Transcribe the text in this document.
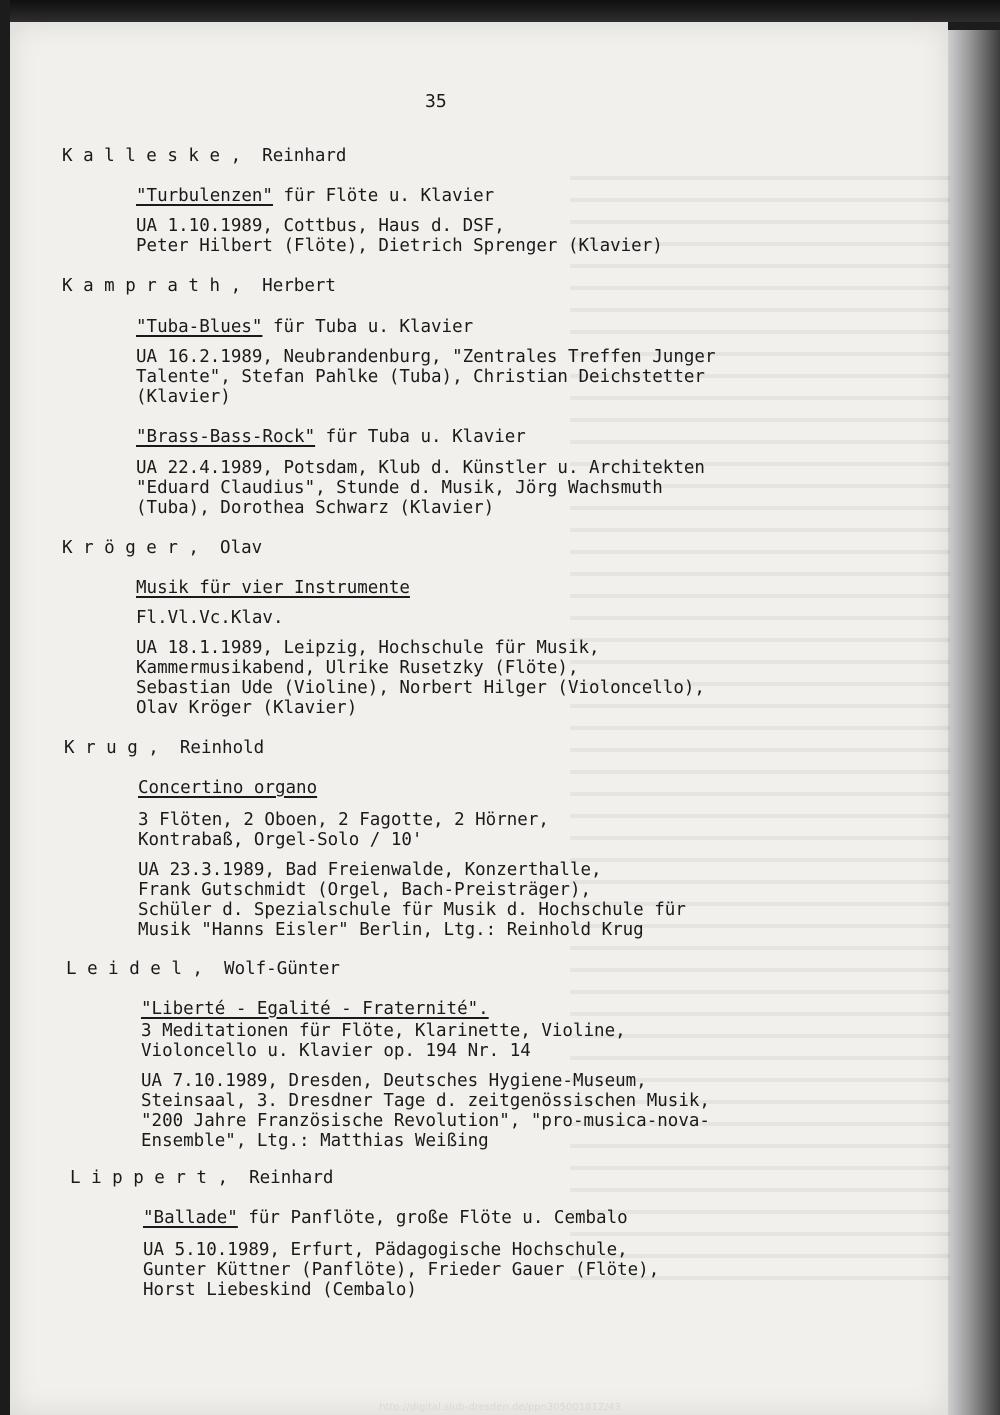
35

K a l l e s k e ,  Reinhard

"Turbulenzen" für Flöte u. Klavier

UA 1.10.1989, Cottbus, Haus d. DSF,

Peter Hilbert (Flöte), Dietrich Sprenger (Klavier)

K a m p r a t h ,  Herbert

"Tuba-Blues" für Tuba u. Klavier

UA 16.2.1989, Neubrandenburg, "Zentrales Treffen Junger

Talente", Stefan Pahlke (Tuba), Christian Deichstetter

(Klavier)

"Brass-Bass-Rock" für Tuba u. Klavier

UA 22.4.1989, Potsdam, Klub d. Künstler u. Architekten

"Eduard Claudius", Stunde d. Musik, Jörg Wachsmuth

(Tuba), Dorothea Schwarz (Klavier)

K r ö g e r ,  Olav

Musik für vier Instrumente

Fl.Vl.Vc.Klav.

UA 18.1.1989, Leipzig, Hochschule für Musik,

Kammermusikabend, Ulrike Rusetzky (Flöte),

Sebastian Ude (Violine), Norbert Hilger (Violoncello),

Olav Kröger (Klavier)

K r u g ,  Reinhold

Concertino organo

3 Flöten, 2 Oboen, 2 Fagotte, 2 Hörner,

Kontrabaß, Orgel-Solo / 10'

UA 23.3.1989, Bad Freienwalde, Konzerthalle,

Frank Gutschmidt (Orgel, Bach-Preisträger),

Schüler d. Spezialschule für Musik d. Hochschule für

Musik "Hanns Eisler" Berlin, Ltg.: Reinhold Krug

L e i d e l ,  Wolf-Günter

"Liberté - Egalité - Fraternité".

3 Meditationen für Flöte, Klarinette, Violine,

Violoncello u. Klavier op. 194 Nr. 14

UA 7.10.1989, Dresden, Deutsches Hygiene-Museum,

Steinsaal, 3. Dresdner Tage d. zeitgenössischen Musik,

"200 Jahre Französische Revolution", "pro-musica-nova-

Ensemble", Ltg.: Matthias Weißing

L i p p e r t ,  Reinhard

"Ballade" für Panflöte, große Flöte u. Cembalo

UA 5.10.1989, Erfurt, Pädagogische Hochschule,

Gunter Küttner (Panflöte), Frieder Gauer (Flöte),

Horst Liebeskind (Cembalo)

http://digital.slub-dresden.de/ppn30500181Z/43
